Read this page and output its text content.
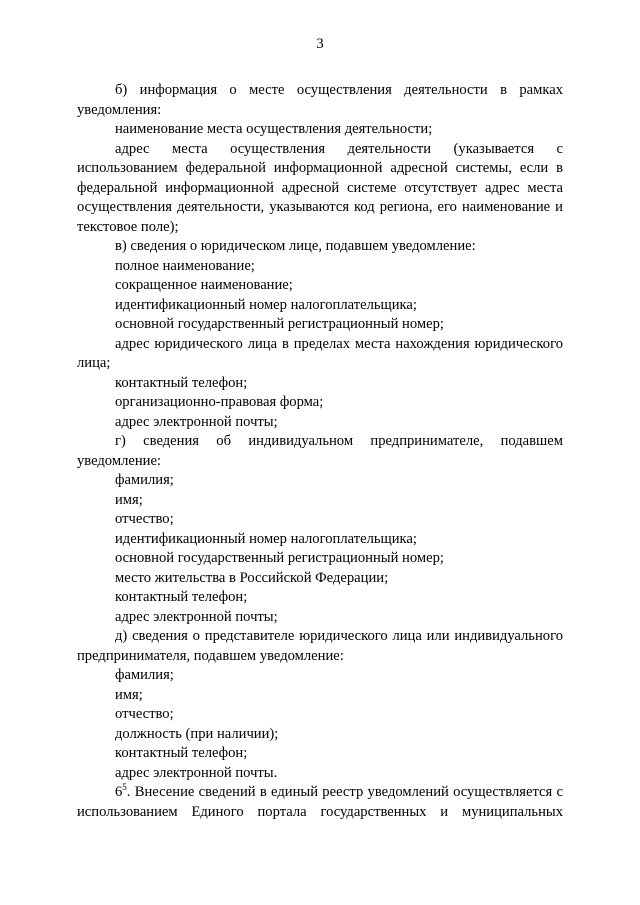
3

б) информация о месте осуществления деятельности в рамках уведомления:

наименование места осуществления деятельности;

адрес места осуществления деятельности (указывается с использованием федеральной информационной адресной системы, если в федеральной информационной адресной системе отсутствует адрес места осуществления деятельности, указываются код региона, его наименование и текстовое поле);

в) сведения о юридическом лице, подавшем уведомление:

полное наименование;

сокращенное наименование;

идентификационный номер налогоплательщика;

основной государственный регистрационный номер;

адрес юридического лица в пределах места нахождения юридического лица;

контактный телефон;

организационно-правовая форма;

адрес электронной почты;

г) сведения об индивидуальном предпринимателе, подавшем уведомление:

фамилия;

имя;

отчество;

идентификационный номер налогоплательщика;

основной государственный регистрационный номер;

место жительства в Российской Федерации;

контактный телефон;

адрес электронной почты;

д) сведения о представителе юридического лица или индивидуального предпринимателя, подавшем уведомление:

фамилия;

имя;

отчество;

должность (при наличии);

контактный телефон;

адрес электронной почты.

$6^5$. Внесение сведений в единый реестр уведомлений осуществляется с использованием Единого портала государственных и муниципальных
